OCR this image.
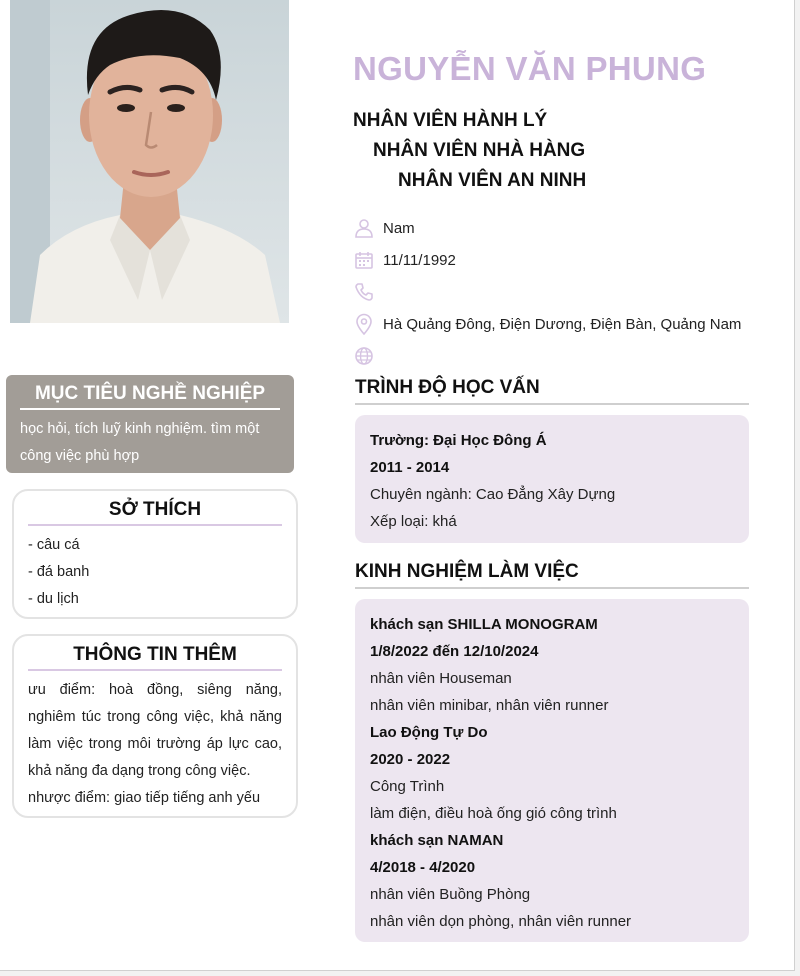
NGUYỄN VĂN PHUNG
NHÂN VIÊN HÀNH LÝ
NHÂN VIÊN NHÀ HÀNG
NHÂN VIÊN AN NINH
Nam
11/11/1992
Hà Quảng Đông, Điện Dương, Điện Bàn, Quảng Nam
TRÌNH ĐỘ HỌC VẤN
Trường: Đại Học Đông Á
2011 - 2014
Chuyên ngành: Cao Đẳng Xây Dựng
Xếp loại: khá
KINH NGHIỆM LÀM VIỆC
khách sạn SHILLA MONOGRAM
1/8/2022 đến 12/10/2024
nhân viên Houseman
nhân viên minibar, nhân viên runner
Lao Động Tự Do
2020 - 2022
Công Trình
làm điện, điều hoà ống gió công trình
khách sạn NAMAN
4/2018 - 4/2020
nhân viên Buồng Phòng
nhân viên dọn phòng, nhân viên runner
MỤC TIÊU NGHỀ NGHIỆP
học hỏi, tích luỹ kinh nghiệm. tìm một công việc phù hợp
SỞ THÍCH
- câu cá
- đá banh
- du lịch
THÔNG TIN THÊM
ưu điểm: hoà đồng, siêng năng,
nghiêm túc trong công việc, khả năng
làm việc trong môi trường áp lực cao,
khả năng đa dạng trong công việc.
nhược điểm: giao tiếp tiếng anh yếu
